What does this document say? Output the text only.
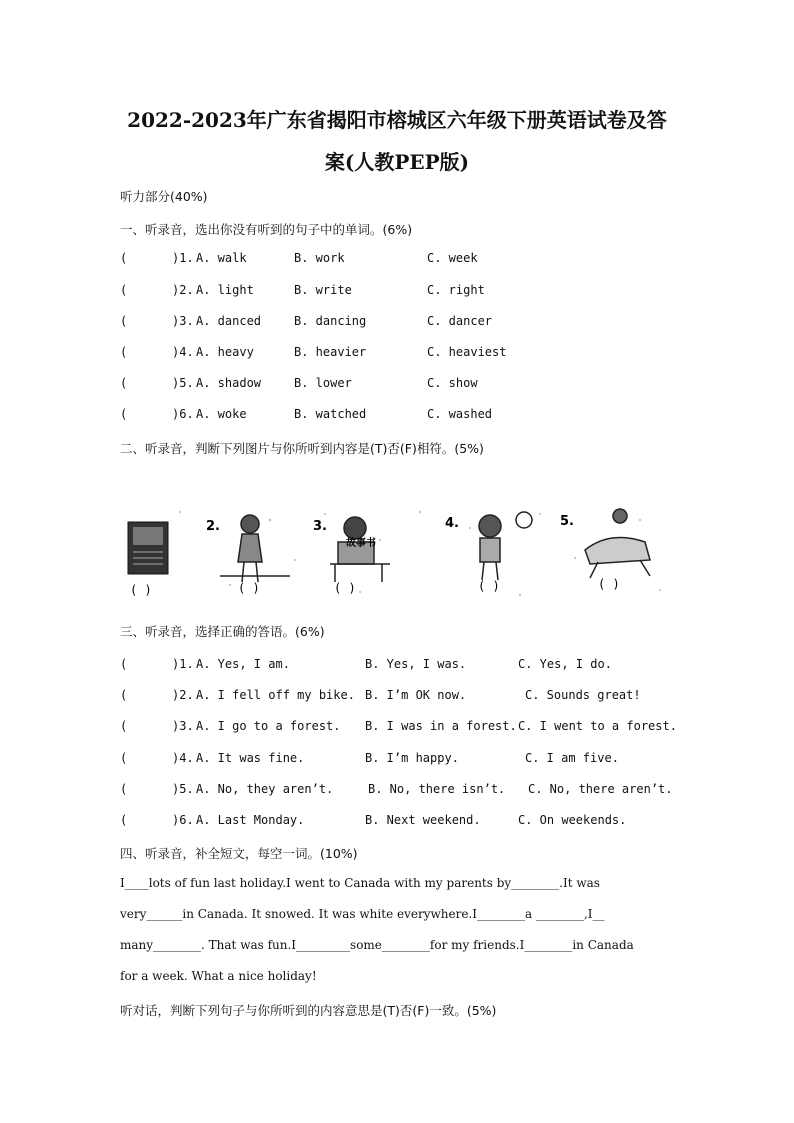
2022-2023年广东省揭阳市榕城区六年级下册英语试卷及答
案(人教PEP版)
听力部分(40%)
一、听录音，选出你没有听到的句子中的单词。(6%)
(	)1. A. walk	B. work	C. week
(	)2. A. light	B. write	C. right
(	)3. A. danced	B. dancing	C. dancer
(	)4. A. heavy	B. heavier	C. heaviest
(	)5. A. shadow	B. lower	C. show
(	)6. A. woke	B. watched	C. washed
二、听录音，判断下列图片与你所听到内容是(T)否(F)相符。(5%)
2.	3.
故事书
4.	5.
( )	( )	( )	( )	( )
三、听录音，选择正确的答语。(6%)
(	)1. A. Yes, I am.	B. Yes, I was.	C. Yes, I do.
(	)2. A. I fell off my bike. B. I’m OK now.	C. Sounds great!
(	)3. A. I go to a forest. B. I was in a forest. C. I went to a forest.
(	)4. A. It was fine.	B. I’m happy.	C. I am five.
(	)5. A. No, they aren’t.	B. No, there isn’t. C. No, there aren’t.
(	)6. A. Last Monday.	B. Next weekend.	C. On weekends.
四、听录音，补全短文，每空一词。(10%)
I____lots of fun last holiday.I went to Canada with my parents by________.It was
very______in Canada. It snowed. It was white everywhere.I________a ________,I__
many________. That was fun.I_________some________for my friends.I________in Canada
for a week. What a nice holiday!
听对话，判断下列句子与你所听到的内容意思是(T)否(F)一致。(5%)
